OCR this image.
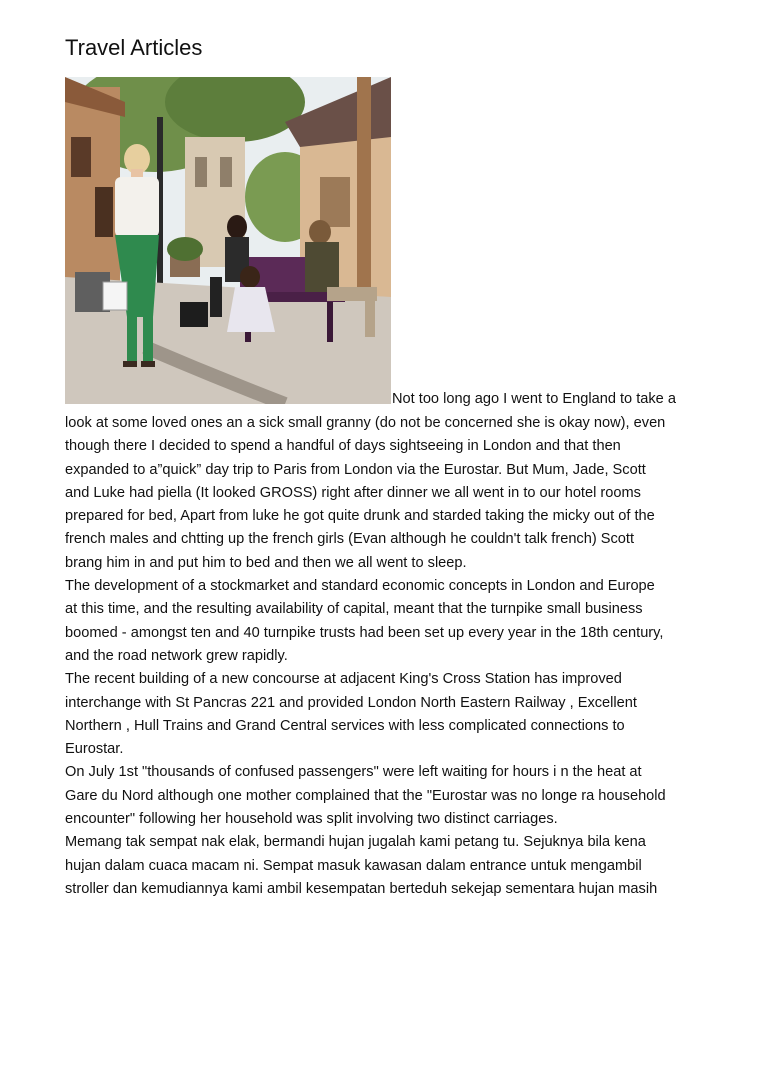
Travel Articles
Not too long ago I went to England to take a
look at some loved ones an a sick small granny (do not be concerned she is okay now), even
though there I decided to spend a handful of days sightseeing in London and that then
expanded to a”quick” day trip to Paris from London via the Eurostar. But Mum, Jade, Scott
and Luke had piella (It looked GROSS) right after dinner we all went in to our hotel rooms
prepared for bed, Apart from luke he got quite drunk and starded taking the micky out of the
french males and chtting up the french girls (Evan although he couldn't talk french) Scott
brang him in and put him to bed and then we all went to sleep.
The development of a stockmarket and standard economic concepts in London and Europe
at this time, and the resulting availability of capital, meant that the turnpike small business
boomed - amongst ten and 40 turnpike trusts had been set up every year in the 18th century,
and the road network grew rapidly.
The recent building of a new concourse at adjacent King's Cross Station has improved
interchange with St Pancras 221 and provided London North Eastern Railway , Excellent
Northern , Hull Trains and Grand Central services with less complicated connections to
Eurostar.
On July 1st "thousands of confused passengers" were left waiting for hours i n the heat at
Gare du Nord although one mother complained that the "Eurostar was no longe ra household
encounter" following her household was split involving two distinct carriages.
Memang tak sempat nak elak, bermandi hujan jugalah kami petang tu. Sejuknya bila kena
hujan dalam cuaca macam ni. Sempat masuk kawasan dalam entrance untuk mengambil
stroller dan kemudiannya kami ambil kesempatan berteduh sekejap sementara hujan masih
